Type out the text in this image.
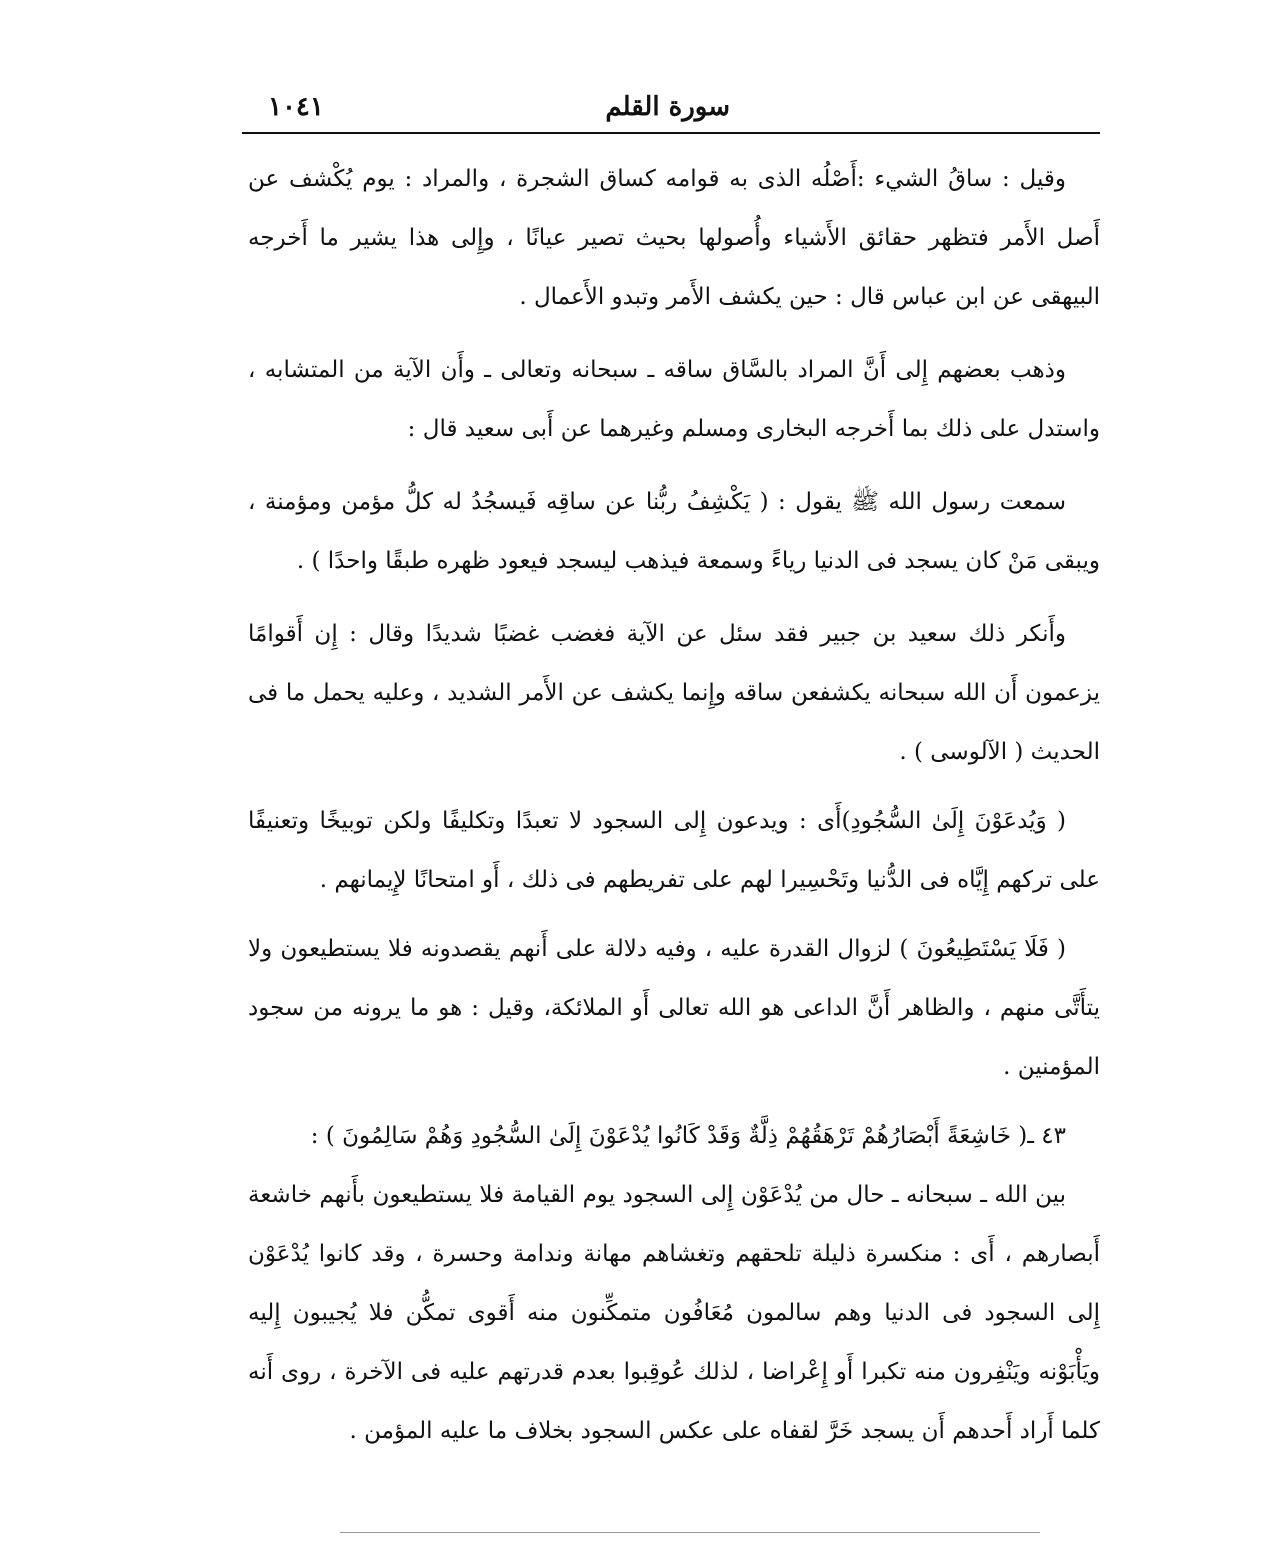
سورة القلم
١٠٤١

وقيل : ساقُ الشيء :أَصْلُه الذى به قوامه كساق الشجرة ، والمراد : يوم يُكْشف عن أَصل الأَمر فتظهر حقائق الأَشياء وأُصولها بحيث تصير عيانًا ، وإِلى هذا يشير ما أَخرجه البيهقى عن ابن عباس قال : حين يكشف الأَمر وتبدو الأَعمال .

وذهب بعضهم إِلى أَنَّ المراد بالسَّاق ساقه ـ سبحانه وتعالى ـ وأَن الآية من المتشابه ، واستدل على ذلك بما أَخرجه البخارى ومسلم وغيرهما عن أَبى سعيد قال :

سمعت رسول الله ﷺ يقول : ( يَكْشِفُ ربُّنا عن ساقِه فَيسجُدُ له كلُّ مؤمن ومؤمنة ، ويبقى مَنْ كان يسجد فى الدنيا رياءً وسمعة فيذهب ليسجد فيعود ظهره طبقًا واحدًا ) .

وأَنكر ذلك سعيد بن جبير فقد سئل عن الآية فغضب غضبًا شديدًا وقال : إِن أَقوامًا يزعمون أَن الله سبحانه يكشفعن ساقه وإِنما يكشف عن الأَمر الشديد ، وعليه يحمل ما فى الحديث ( الآلوسى ) .

( وَيُدعَوْنَ إِلَىٰ السُّجُودِ)أَى : ويدعون إِلى السجود لا تعبدًا وتكليفًا ولكن توبيخًا وتعنيفًا على تركهم إِيَّاه فى الدُّنيا وتَحْسِيرا لهم على تفريطهم فى ذلك ، أَو امتحانًا لإِيمانهم .

( فَلَا يَسْتَطِيعُونَ ) لزوال القدرة عليه ، وفيه دلالة على أَنهم يقصدونه فلا يستطيعون ولا يتأَتَّى منهم ، والظاهر أَنَّ الداعى هو الله تعالى أَو الملائكة، وقيل : هو ما يرونه من سجود المؤمنين .

٤٣ ـ( خَاشِعَةً أَبْصَارُهُمْ تَرْهَقُهُمْ ذِلَّةٌ وَقَدْ كَانُوا يُدْعَوْنَ إِلَىٰ السُّجُودِ وَهُمْ سَالِمُونَ ) :

بين الله ـ سبحانه ـ حال من يُدْعَوْن إِلى السجود يوم القيامة فلا يستطيعون بأَنهم خاشعة أَبصارهم ، أَى : منكسرة ذليلة تلحقهم وتغشاهم مهانة وندامة وحسرة ، وقد كانوا يُدْعَوْن إِلى السجود فى الدنيا وهم سالمون مُعَافُون متمكِّنون منه أَقوى تمكُّن فلا يُجيبون إِليه ويَأْبَوْنه ويَنْفِرون منه تكبرا أَو إِعْراضا ، لذلك عُوقِبوا بعدم قدرتهم عليه فى الآخرة ، روى أَنه كلما أَراد أَحدهم أَن يسجد خَرَّ لقفاه على عكس السجود بخلاف ما عليه المؤمن .
